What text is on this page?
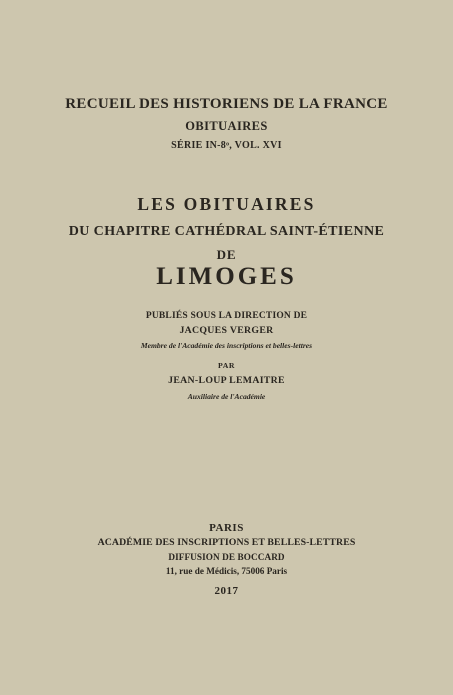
RECUEIL DES HISTORIENS DE LA FRANCE
OBITUAIRES
SÉRIE IN-8ᵒ, VOL. XVI
LES OBITUAIRES
DU CHAPITRE CATHÉDRAL SAINT-ÉTIENNE
DE
LIMOGES
PUBLIÉS SOUS LA DIRECTION DE
JACQUES VERGER
Membre de l'Académie des inscriptions et belles-lettres
PAR
JEAN-LOUP LEMAITRE
Auxiliaire de l'Académie
PARIS
ACADÉMIE DES INSCRIPTIONS ET BELLES-LETTRES
DIFFUSION DE BOCCARD
11, rue de Médicis, 75006 Paris
2017
